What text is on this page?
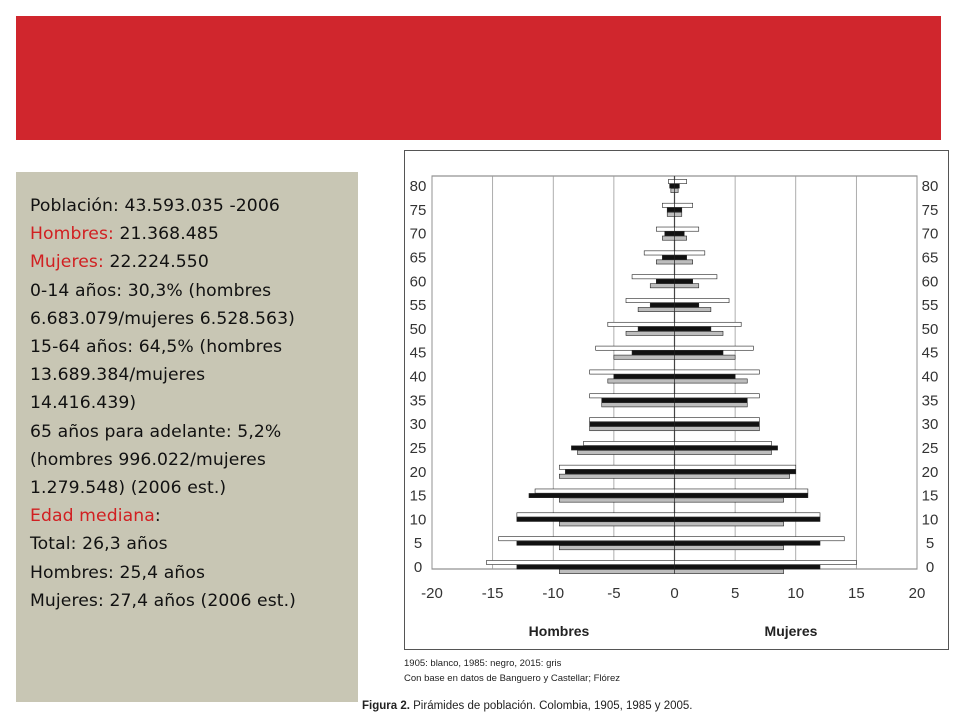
Población: 43.593.035 -2006

Hombres: 21.368.485

Mujeres: 22.224.550

0-14 años: 30,3% (hombres

6.683.079/mujeres 6.528.563)

15-64 años: 64,5% (hombres

13.689.384/mujeres

14.416.439)

65 años para adelante: 5,2%

(hombres 996.022/mujeres

1.279.548) (2006 est.)

Edad mediana:

Total: 26,3 años

Hombres: 25,4 años

Mujeres: 27,4 años (2006 est.)

0	0
5	5
10	10
15	15
20	20
25	25
30	30
35	35
40	40
45	45
50	50
55	55
60	60
65	65
70	70
75	75
80	80
-20	-15	-10	-5	0	5	10	15	20
Hombres	Mujeres
1905: blanco, 1985: negro, 2015: gris
Con base en datos de Banguero y Castellar; Flórez
Figura 2. Pirámides de población. Colombia, 1905, 1985 y 2005.
